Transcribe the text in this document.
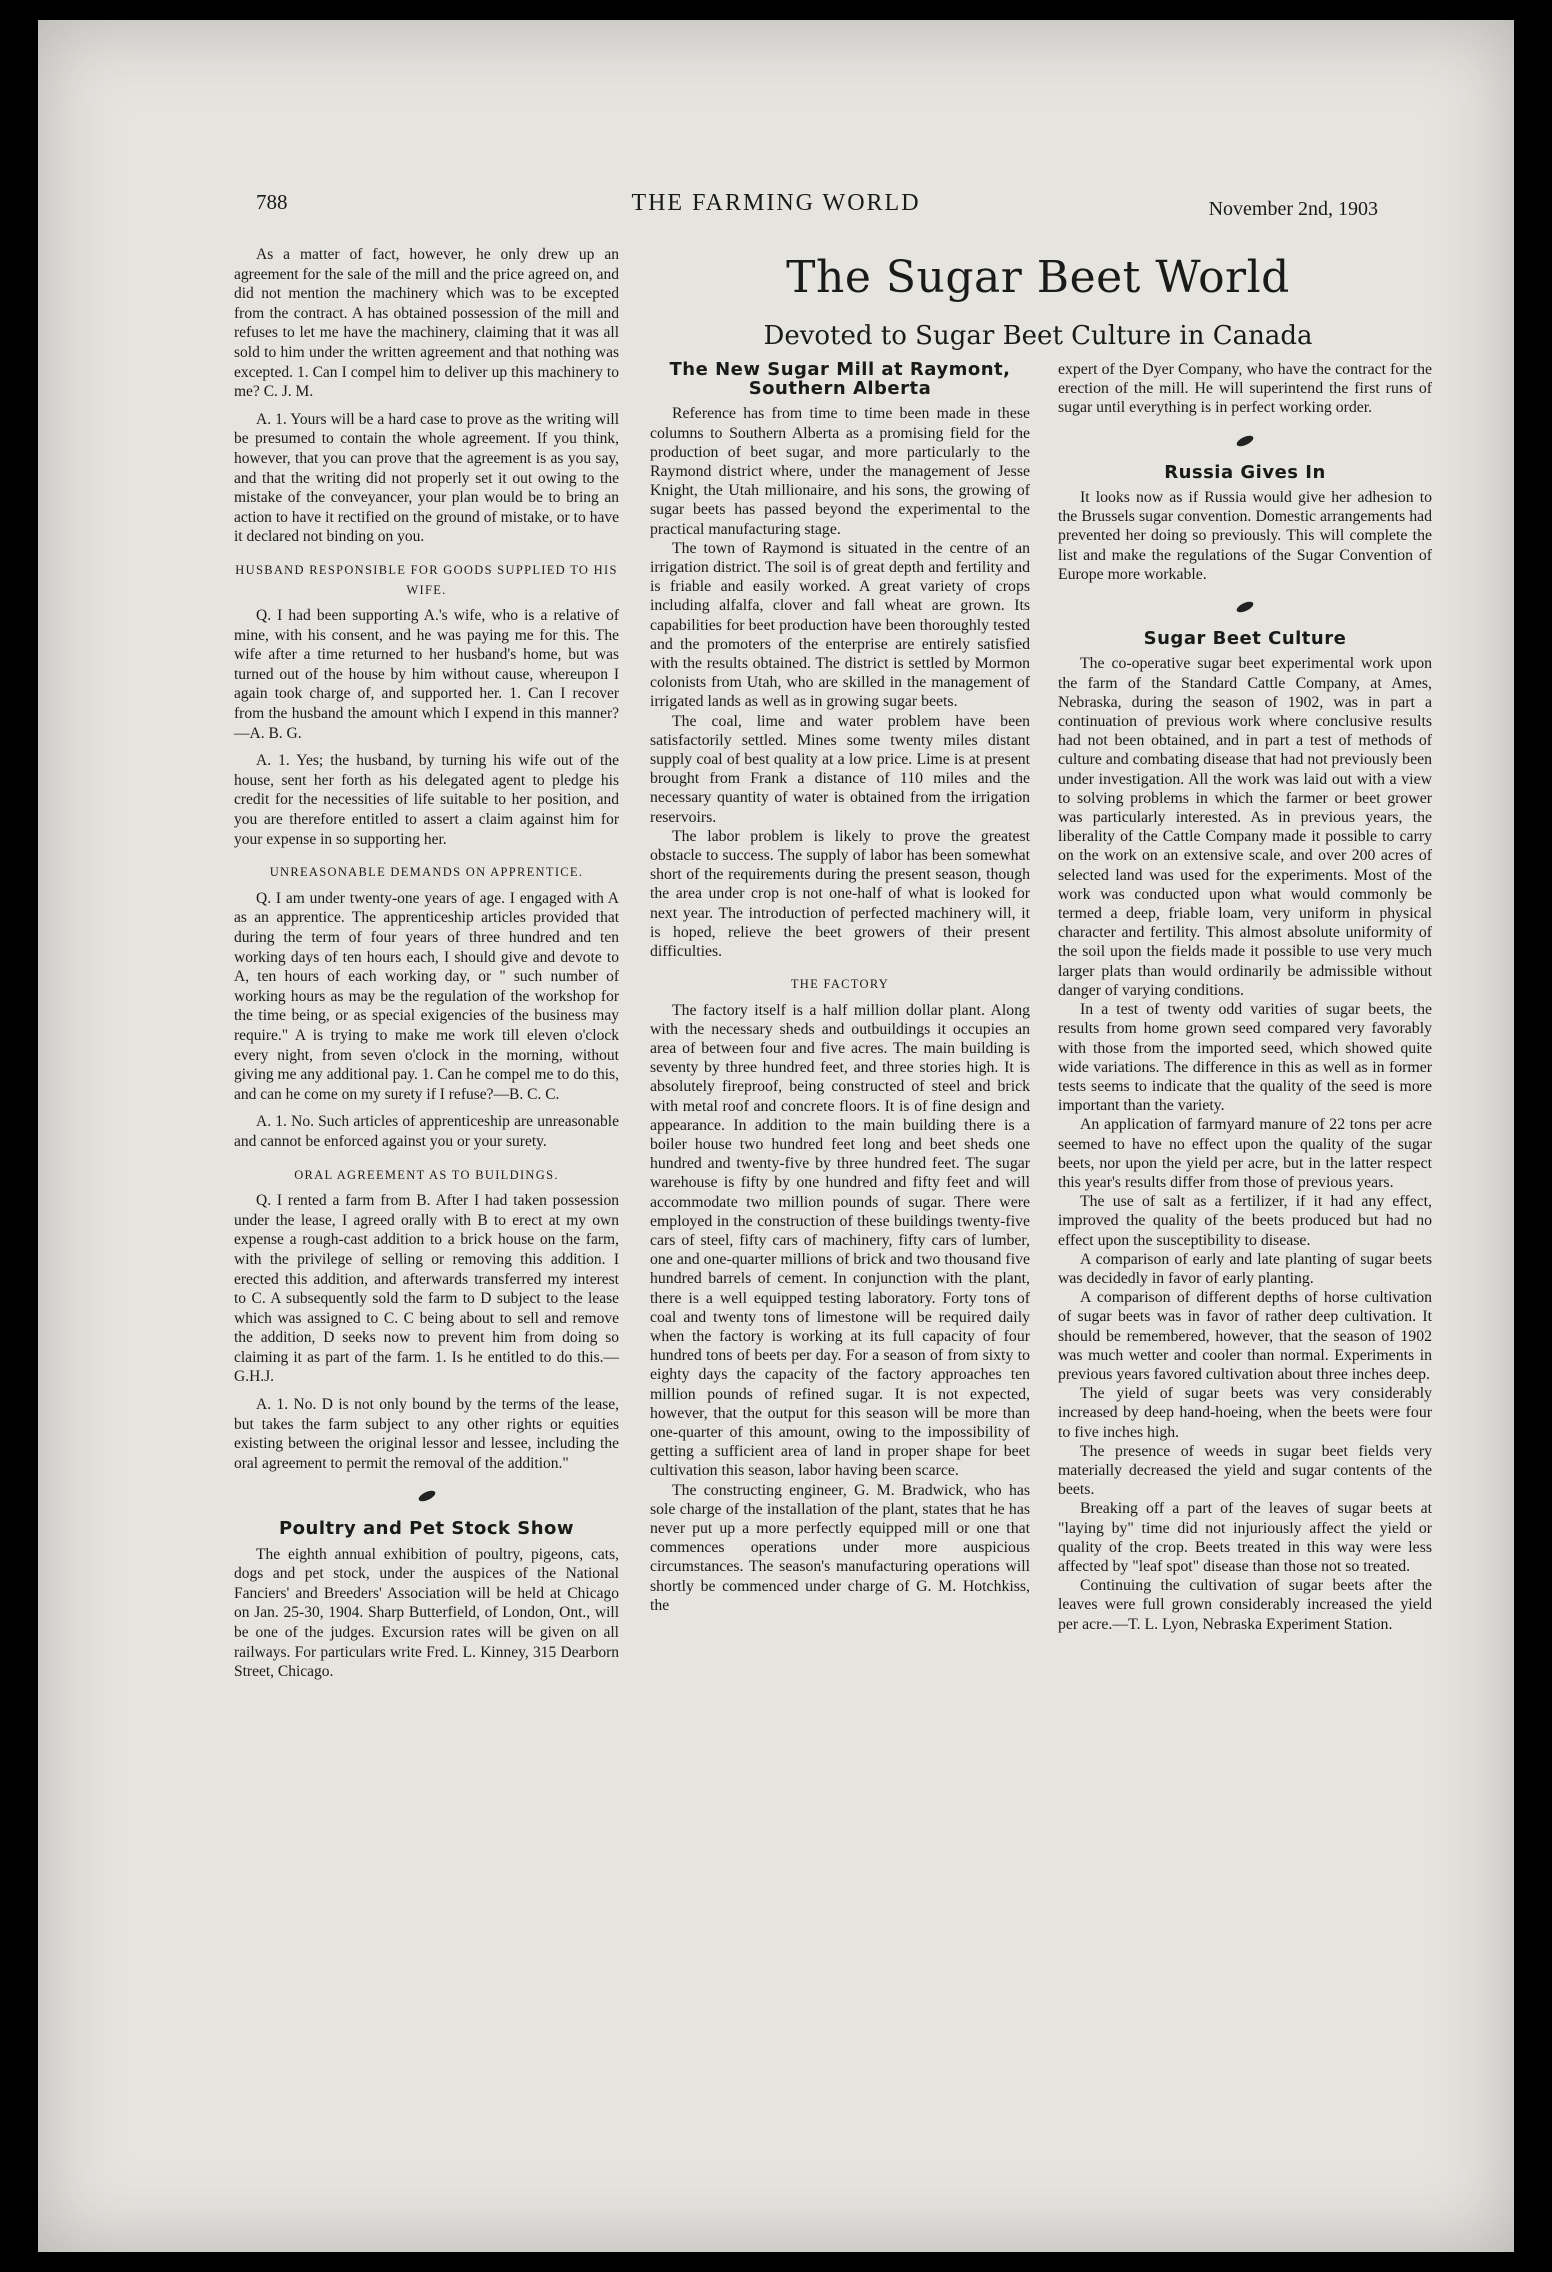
788	THE FARMING WORLD	November 2nd, 1903
The Sugar Beet World
Devoted to Sugar Beet Culture in Canada

As a matter of fact, however, he only drew up an agreement for the sale of the mill and the price agreed on, and did not mention the machinery which was to be excepted from the contract. A has obtained possession of the mill and refuses to let me have the machinery, claiming that it was all sold to him under the written agreement and that nothing was excepted. 1. Can I compel him to deliver up this machinery to me? C. J. M.

A. 1. Yours will be a hard case to prove as the writing will be presumed to contain the whole agreement. If you think, however, that you can prove that the agreement is as you say, and that the writing did not properly set it out owing to the mistake of the conveyancer, your plan would be to bring an action to have it rectified on the ground of mistake, or to have it declared not binding on you.

HUSBAND RESPONSIBLE FOR GOODS SUPPLIED TO HIS WIFE.

Q. I had been supporting A.'s wife, who is a relative of mine, with his consent, and he was paying me for this. The wife after a time returned to her husband's home, but was turned out of the house by him without cause, whereupon I again took charge of, and supported her. 1. Can I recover from the husband the amount which I expend in this manner?—A. B. G.

A. 1. Yes; the husband, by turning his wife out of the house, sent her forth as his delegated agent to pledge his credit for the necessities of life suitable to her position, and you are therefore entitled to assert a claim against him for your expense in so supporting her.

UNREASONABLE DEMANDS ON APPRENTICE.

Q. I am under twenty-one years of age. I engaged with A as an apprentice. The apprenticeship articles provided that during the term of four years of three hundred and ten working days of ten hours each, I should give and devote to A, ten hours of each working day, or " such number of working hours as may be the regulation of the workshop for the time being, or as special exigencies of the business may require." A is trying to make me work till eleven o'clock every night, from seven o'clock in the morning, without giving me any additional pay. 1. Can he compel me to do this, and can he come on my surety if I refuse?—B. C. C.

A. 1. No. Such articles of apprenticeship are unreasonable and cannot be enforced against you or your surety.

ORAL AGREEMENT AS TO BUILDINGS.

Q. I rented a farm from B. After I had taken possession under the lease, I agreed orally with B to erect at my own expense a rough-cast addition to a brick house on the farm, with the privilege of selling or removing this addition. I erected this addition, and afterwards transferred my interest to C. A subsequently sold the farm to D subject to the lease which was assigned to C. C being about to sell and remove the addition, D seeks now to prevent him from doing so claiming it as part of the farm. 1. Is he entitled to do this.—G.H.J.

A. 1. No. D is not only bound by the terms of the lease, but takes the farm subject to any other rights or equities existing between the original lessor and lessee, including the oral agreement to permit the removal of the addition."

Poultry and Pet Stock Show

The eighth annual exhibition of poultry, pigeons, cats, dogs and pet stock, under the auspices of the National Fanciers' and Breeders' Association will be held at Chicago on Jan. 25-30, 1904. Sharp Butterfield, of London, Ont., will be one of the judges. Excursion rates will be given on all railways. For particulars write Fred. L. Kinney, 315 Dearborn Street, Chicago.

The New Sugar Mill at Raymont, Southern Alberta

Reference has from time to time been made in these columns to Southern Alberta as a promising field for the production of beet sugar, and more particularly to the Raymond district where, under the management of Jesse Knight, the Utah millionaire, and his sons, the growing of sugar beets has passed beyond the experimental to the practical manufacturing stage.

The town of Raymond is situated in the centre of an irrigation district. The soil is of great depth and fertility and is friable and easily worked. A great variety of crops including alfalfa, clover and fall wheat are grown. Its capabilities for beet production have been thoroughly tested and the promoters of the enterprise are entirely satisfied with the results obtained. The district is settled by Mormon colonists from Utah, who are skilled in the management of irrigated lands as well as in growing sugar beets.

The coal, lime and water problem have been satisfactorily settled. Mines some twenty miles distant supply coal of best quality at a low price. Lime is at present brought from Frank a distance of 110 miles and the necessary quantity of water is obtained from the irrigation reservoirs.

The labor problem is likely to prove the greatest obstacle to success. The supply of labor has been somewhat short of the requirements during the present season, though the area under crop is not one-half of what is looked for next year. The introduction of perfected machinery will, it is hoped, relieve the beet growers of their present difficulties.

THE FACTORY

The factory itself is a half million dollar plant. Along with the necessary sheds and outbuildings it occupies an area of between four and five acres. The main building is seventy by three hundred feet, and three stories high. It is absolutely fireproof, being constructed of steel and brick with metal roof and concrete floors. It is of fine design and appearance. In addition to the main building there is a boiler house two hundred feet long and beet sheds one hundred and twenty-five by three hundred feet. The sugar warehouse is fifty by one hundred and fifty feet and will accommodate two million pounds of sugar. There were employed in the construction of these buildings twenty-five cars of steel, fifty cars of machinery, fifty cars of lumber, one and one-quarter millions of brick and two thousand five hundred barrels of cement. In conjunction with the plant, there is a well equipped testing laboratory. Forty tons of coal and twenty tons of limestone will be required daily when the factory is working at its full capacity of four hundred tons of beets per day. For a season of from sixty to eighty days the capacity of the factory approaches ten million pounds of refined sugar. It is not expected, however, that the output for this season will be more than one-quarter of this amount, owing to the impossibility of getting a sufficient area of land in proper shape for beet cultivation this season, labor having been scarce.

The constructing engineer, G. M. Bradwick, who has sole charge of the installation of the plant, states that he has never put up a more perfectly equipped mill or one that commences operations under more auspicious circumstances. The season's manufacturing operations will shortly be commenced under charge of G. M. Hotchkiss, the

expert of the Dyer Company, who have the contract for the erection of the mill. He will superintend the first runs of sugar until everything is in perfect working order.

Russia Gives In

It looks now as if Russia would give her adhesion to the Brussels sugar convention. Domestic arrangements had prevented her doing so previously. This will complete the list and make the regulations of the Sugar Convention of Europe more workable.

Sugar Beet Culture

The co-operative sugar beet experimental work upon the farm of the Standard Cattle Company, at Ames, Nebraska, during the season of 1902, was in part a continuation of previous work where conclusive results had not been obtained, and in part a test of methods of culture and combating disease that had not previously been under investigation. All the work was laid out with a view to solving problems in which the farmer or beet grower was particularly interested. As in previous years, the liberality of the Cattle Company made it possible to carry on the work on an extensive scale, and over 200 acres of selected land was used for the experiments. Most of the work was conducted upon what would commonly be termed a deep, friable loam, very uniform in physical character and fertility. This almost absolute uniformity of the soil upon the fields made it possible to use very much larger plats than would ordinarily be admissible without danger of varying conditions.

In a test of twenty odd varities of sugar beets, the results from home grown seed compared very favorably with those from the imported seed, which showed quite wide variations. The difference in this as well as in former tests seems to indicate that the quality of the seed is more important than the variety.

An application of farmyard manure of 22 tons per acre seemed to have no effect upon the quality of the sugar beets, nor upon the yield per acre, but in the latter respect this year's results differ from those of previous years.

The use of salt as a fertilizer, if it had any effect, improved the quality of the beets produced but had no effect upon the susceptibility to disease.

A comparison of early and late planting of sugar beets was decidedly in favor of early planting.

A comparison of different depths of horse cultivation of sugar beets was in favor of rather deep cultivation. It should be remembered, however, that the season of 1902 was much wetter and cooler than normal. Experiments in previous years favored cultivation about three inches deep.

The yield of sugar beets was very considerably increased by deep hand-hoeing, when the beets were four to five inches high.

The presence of weeds in sugar beet fields very materially decreased the yield and sugar contents of the beets.

Breaking off a part of the leaves of sugar beets at "laying by" time did not injuriously affect the yield or quality of the crop. Beets treated in this way were less affected by "leaf spot" disease than those not so treated.

Continuing the cultivation of sugar beets after the leaves were full grown considerably increased the yield per acre.—T. L. Lyon, Nebraska Experiment Station.
